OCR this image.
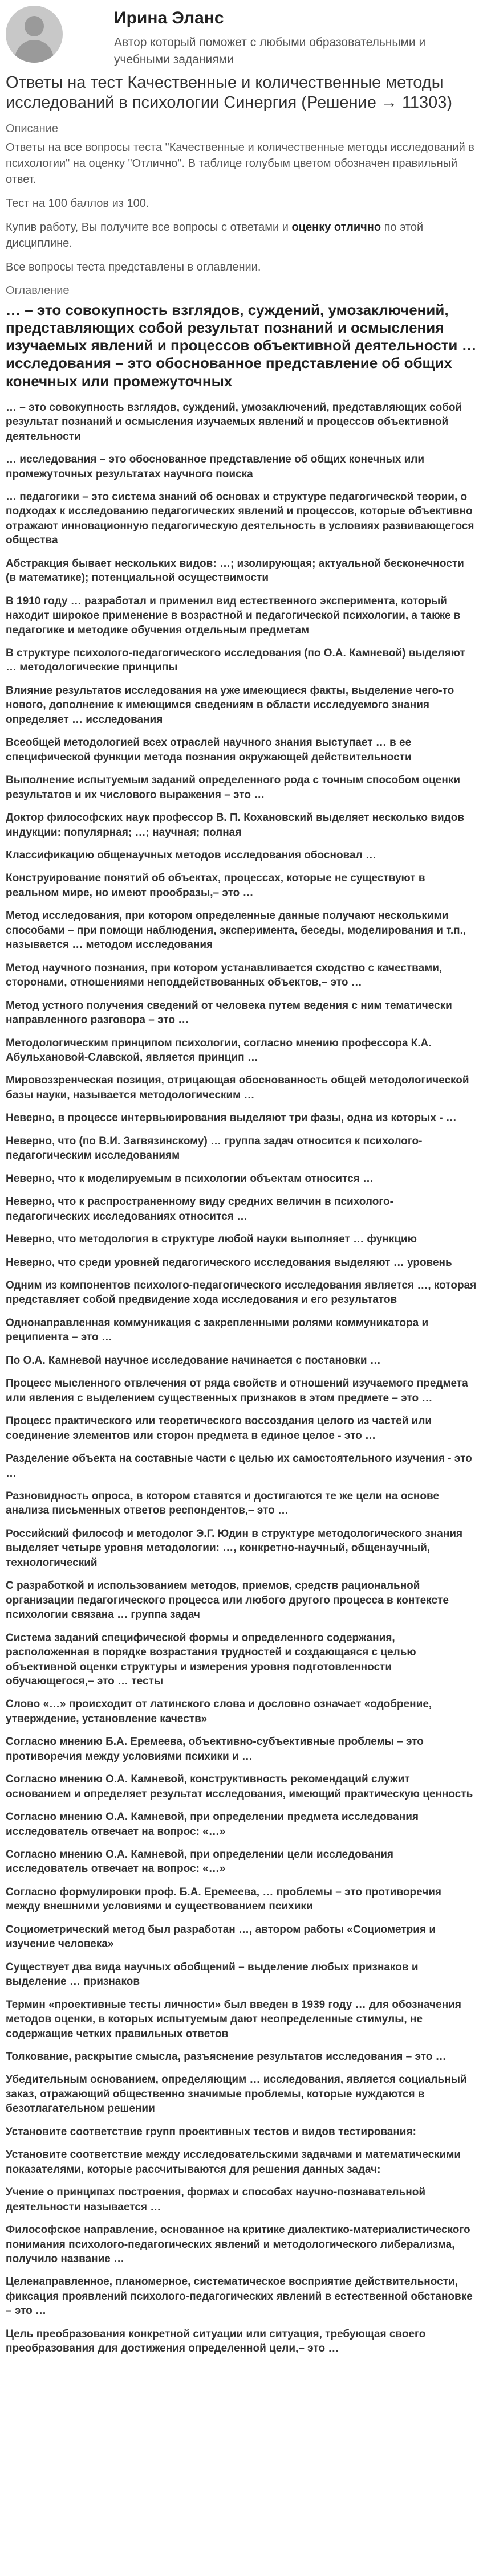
Ирина Эланс
Автор который поможет с любыми образовательными и учебными заданиями
Ответы на тест Качественные и количественные методы исследований в психологии Синергия (Решение → 11303)
Описание

Ответы на все вопросы теста "Качественные и количественные методы исследований в психологии" на оценку "Отлично". В таблице голубым цветом обозначен правильный ответ.

Тест на 100 баллов из 100.

Купив работу, Вы получите все вопросы с ответами и оценку отлично по этой дисциплине.

Все вопросы теста представлены в оглавлении.

Оглавление
… – это совокупность взглядов, суждений, умозаключений, представляющих собой результат познаний и осмысления изучаемых явлений и процессов объективной деятельности … исследования – это обоснованное представление об общих конечных или промежуточных
… – это совокупность взглядов, суждений, умозаключений, представляющих собой результат познаний и осмысления изучаемых явлений и процессов объективной деятельности
… исследования – это обоснованное представление об общих конечных или промежуточных результатах научного поиска
… педагогики – это система знаний об основах и структуре педагогической теории, о подходах к исследованию педагогических явлений и процессов, которые объективно отражают инновационную педагогическую деятельность в условиях развивающегося общества
Абстракция бывает нескольких видов: …; изолирующая; актуальной бесконечности (в математике); потенциальной осуществимости
В 1910 году … разработал и применил вид естественного эксперимента, который находит широкое применение в возрастной и педагогической психологии, а также в педагогике и методике обучения отдельным предметам
В структуре психолого-педагогического исследования (по О.А. Камневой) выделяют … методологические принципы
Влияние результатов исследования на уже имеющиеся факты, выделение чего-то нового, дополнение к имеющимся сведениям в области исследуемого знания определяет … исследования
Всеобщей методологией всех отраслей научного знания выступает … в ее специфической функции метода познания окружающей действительности
Выполнение испытуемым заданий определенного рода с точным способом оценки результатов и их числового выражения – это …
Доктор философских наук профессор В. П. Кохановский выделяет несколько видов индукции: популярная; …; научная; полная
Классификацию общенаучных методов исследования обосновал …
Конструирование понятий об объектах, процессах, которые не существуют в реальном мире, но имеют прообразы,– это …
Метод исследования, при котором определенные данные получают несколькими способами – при помощи наблюдения, эксперимента, беседы, моделирования и т.п., называется … методом исследования
Метод научного познания, при котором устанавливается сходство с качествами, сторонами, отношениями неподдействованных объектов,– это …
Метод устного получения сведений от человека путем ведения с ним тематически направленного разговора – это …
Методологическим принципом психологии, согласно мнению профессора К.А. Абульхановой-Славской, является принцип …
Мировоззренческая позиция, отрицающая обоснованность общей методологической базы науки, называется методологическим …
Неверно, в процессе интервьюирования выделяют три фазы, одна из которых - …
Неверно, что (по В.И. Загвязинскому) … группа задач относится к психолого-педагогическим исследованиям
Неверно, что к моделируемым в психологии объектам относится …
Неверно, что к распространенному виду средних величин в психолого-педагогических исследованиях относится …
Неверно, что методология в структуре любой науки выполняет … функцию
Неверно, что среди уровней педагогического исследования выделяют … уровень
Одним из компонентов психолого-педагогического исследования является …, которая представляет собой предвидение хода исследования и его результатов
Однонаправленная коммуникация с закрепленными ролями коммуникатора и реципиента – это …
По О.А. Камневой научное исследование начинается с постановки …
Процесс мысленного отвлечения от ряда свойств и отношений изучаемого предмета или явления с выделением существенных признаков в этом предмете – это …
Процесс практического или теоретического воссоздания целого из частей или соединение элементов или сторон предмета в единое целое - это …
Разделение объекта на составные части с целью их самостоятельного изучения - это …
Разновидность опроса, в котором ставятся и достигаются те же цели на основе анализа письменных ответов респондентов,– это …
Российский философ и методолог Э.Г. Юдин в структуре методологического знания выделяет четыре уровня методологии: …, конкретно-научный, общенаучный, технологический
С разработкой и использованием методов, приемов, средств рациональной организации педагогического процесса или любого другого процесса в контексте психологии связана … группа задач
Система заданий специфической формы и определенного содержания, расположенная в порядке возрастания трудностей и создающаяся с целью объективной оценки структуры и измерения уровня подготовленности обучающегося,– это … тесты
Слово «…» происходит от латинского слова и дословно означает «одобрение, утверждение, установление качеств»
Согласно мнению Б.А. Еремеева, объективно-субъективные проблемы – это противоречия между условиями психики и …
Согласно мнению О.А. Камневой, конструктивность рекомендаций служит основанием и определяет результат исследования, имеющий практическую ценность
Согласно мнению О.А. Камневой, при определении предмета исследования исследователь отвечает на вопрос: «…»
Согласно мнению О.А. Камневой, при определении цели исследования исследователь отвечает на вопрос: «…»
Согласно формулировки проф. Б.А. Еремеева, … проблемы – это противоречия между внешними условиями и существованием психики
Социометрический метод был разработан …, автором работы «Социометрия и изучение человека»
Существует два вида научных обобщений – выделение любых признаков и выделение … признаков
Термин «проективные тесты личности» был введен в 1939 году … для обозначения методов оценки, в которых испытуемым дают неопределенные стимулы, не содержащие четких правильных ответов
Толкование, раскрытие смысла, разъяснение результатов исследования – это …
Убедительным основанием, определяющим … исследования, является социальный заказ, отражающий общественно значимые проблемы, которые нуждаются в безотлагательном решении
Установите соответствие групп проективных тестов и видов тестирования:
Установите соответствие между исследовательскими задачами и математическими показателями, которые рассчитываются для решения данных задач:
Учение о принципах построения, формах и способах научно-познавательной деятельности называется …
Философское направление, основанное на критике диалектико-материалистического понимания психолого-педагогических явлений и методологического либерализма, получило название …
Целенаправленное, планомерное, систематическое восприятие действительности, фиксация проявлений психолого-педагогических явлений в естественной обстановке – это …
Цель преобразования конкретной ситуации или ситуация, требующая своего преобразования для достижения определенной цели,– это …
